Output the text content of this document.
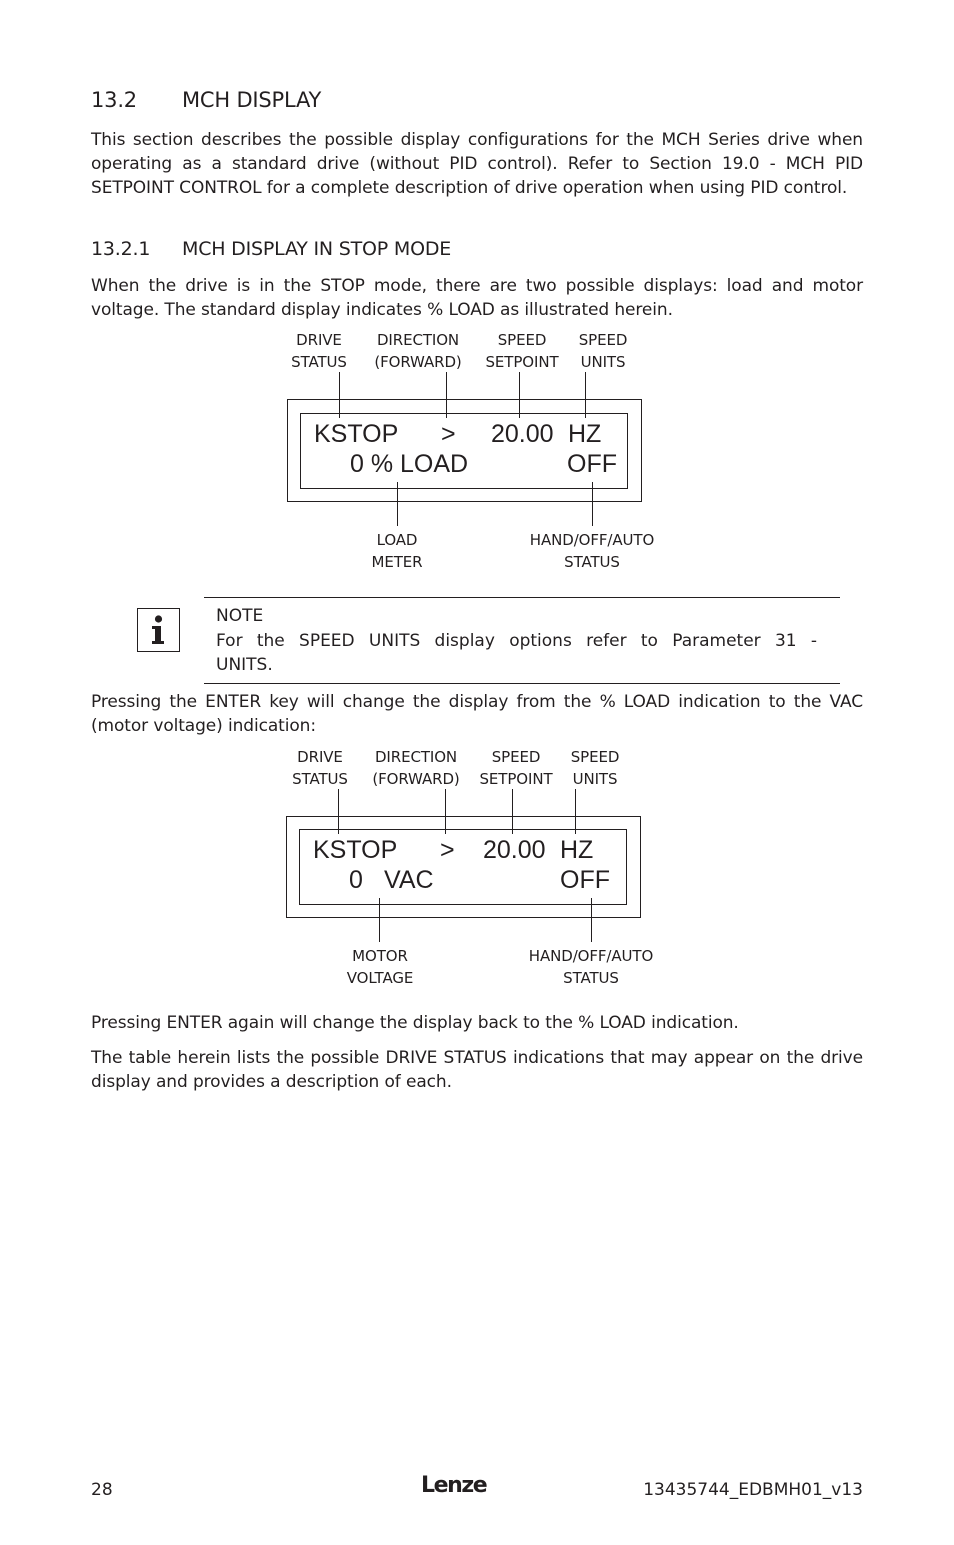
13.2 MCH DISPLAY
This section describes the possible display configurations for the MCH Series drive when operating as a standard drive (without PID control). Refer to Section 19.0 - MCH PID SETPOINT CONTROL for a complete description of drive operation when using PID control.
13.2.1 MCH DISPLAY IN STOP MODE
When the drive is in the STOP mode, there are two possible displays: load and motor voltage. The standard display indicates % LOAD as illustrated herein.
DRIVE
STATUS
DIRECTION
(FORWARD)
SPEED
SETPOINT
SPEED
UNITS
KSTOP > 20.00 HZ
0 % LOAD	OFF
LOAD
METER
HAND/OFF/AUTO
STATUS
NOTE
For the SPEED UNITS display options refer to Parameter 31 -
UNITS.
Pressing the ENTER key will change the display from the % LOAD indication to the VAC (motor voltage) indication:
DRIVE
STATUS
DIRECTION
(FORWARD)
SPEED
SETPOINT
SPEED
UNITS
KSTOP > 20.00 HZ
0 VAC	OFF
MOTOR
VOLTAGE
HAND/OFF/AUTO
STATUS
Pressing ENTER again will change the display back to the % LOAD indication.
The table herein lists the possible DRIVE STATUS indications that may appear on the drive display and provides a description of each.
28	Lenze	13435744_EDBMH01_v13
